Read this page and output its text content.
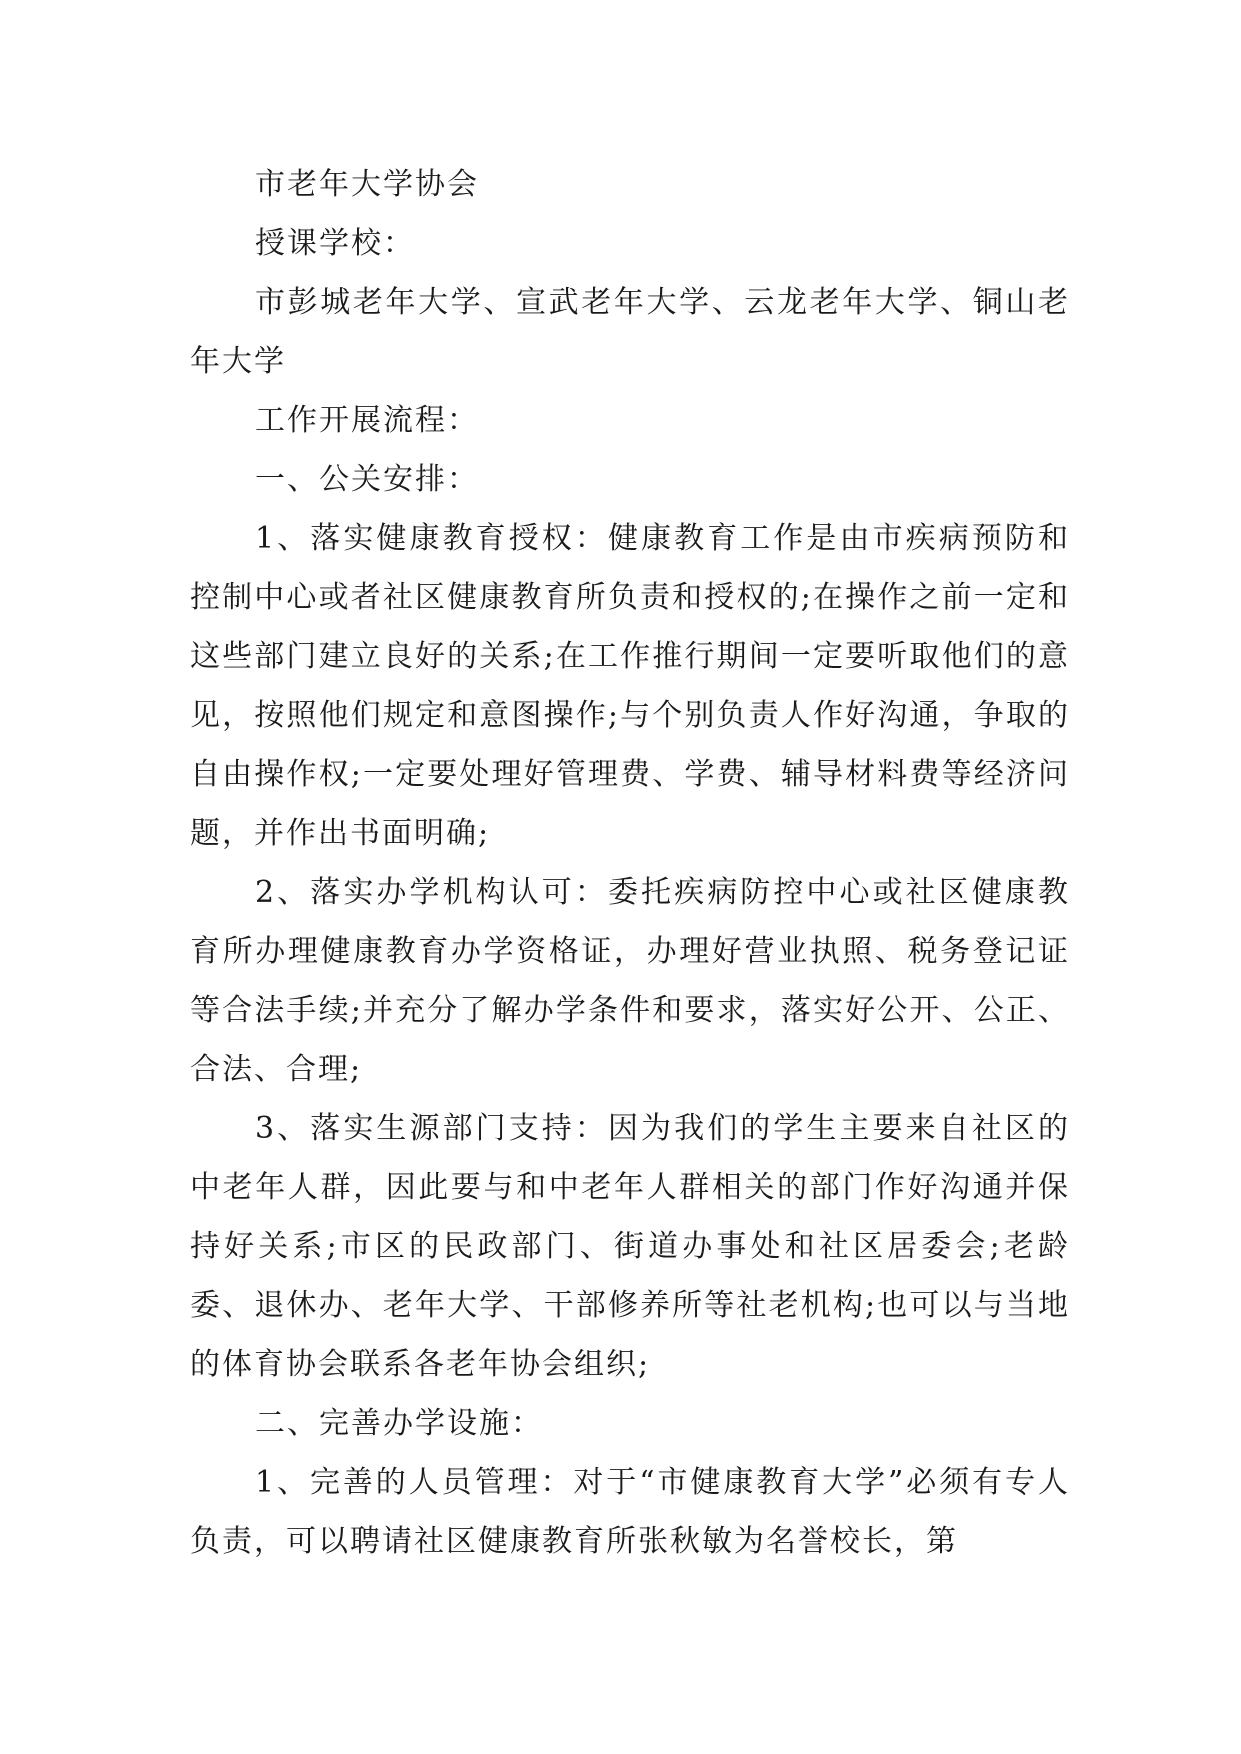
市老年大学协会

授课学校：

市彭城老年大学、宣武老年大学、云龙老年大学、铜山老年大学

工作开展流程：

一、公关安排：

1、落实健康教育授权：健康教育工作是由市疾病预防和控制中心或者社区健康教育所负责和授权的;在操作之前一定和这些部门建立良好的关系;在工作推行期间一定要听取他们的意见，按照他们规定和意图操作;与个别负责人作好沟通，争取的自由操作权;一定要处理好管理费、学费、辅导材料费等经济问题，并作出书面明确;

2、落实办学机构认可：委托疾病防控中心或社区健康教育所办理健康教育办学资格证，办理好营业执照、税务登记证等合法手续;并充分了解办学条件和要求，落实好公开、公正、合法、合理;

3、落实生源部门支持：因为我们的学生主要来自社区的中老年人群，因此要与和中老年人群相关的部门作好沟通并保持好关系;市区的民政部门、街道办事处和社区居委会;老龄委、退休办、老年大学、干部修养所等社老机构;也可以与当地的体育协会联系各老年协会组织;

二、完善办学设施：

1、完善的人员管理：对于“市健康教育大学”必须有专人负责，可以聘请社区健康教育所张秋敏为名誉校长，第
